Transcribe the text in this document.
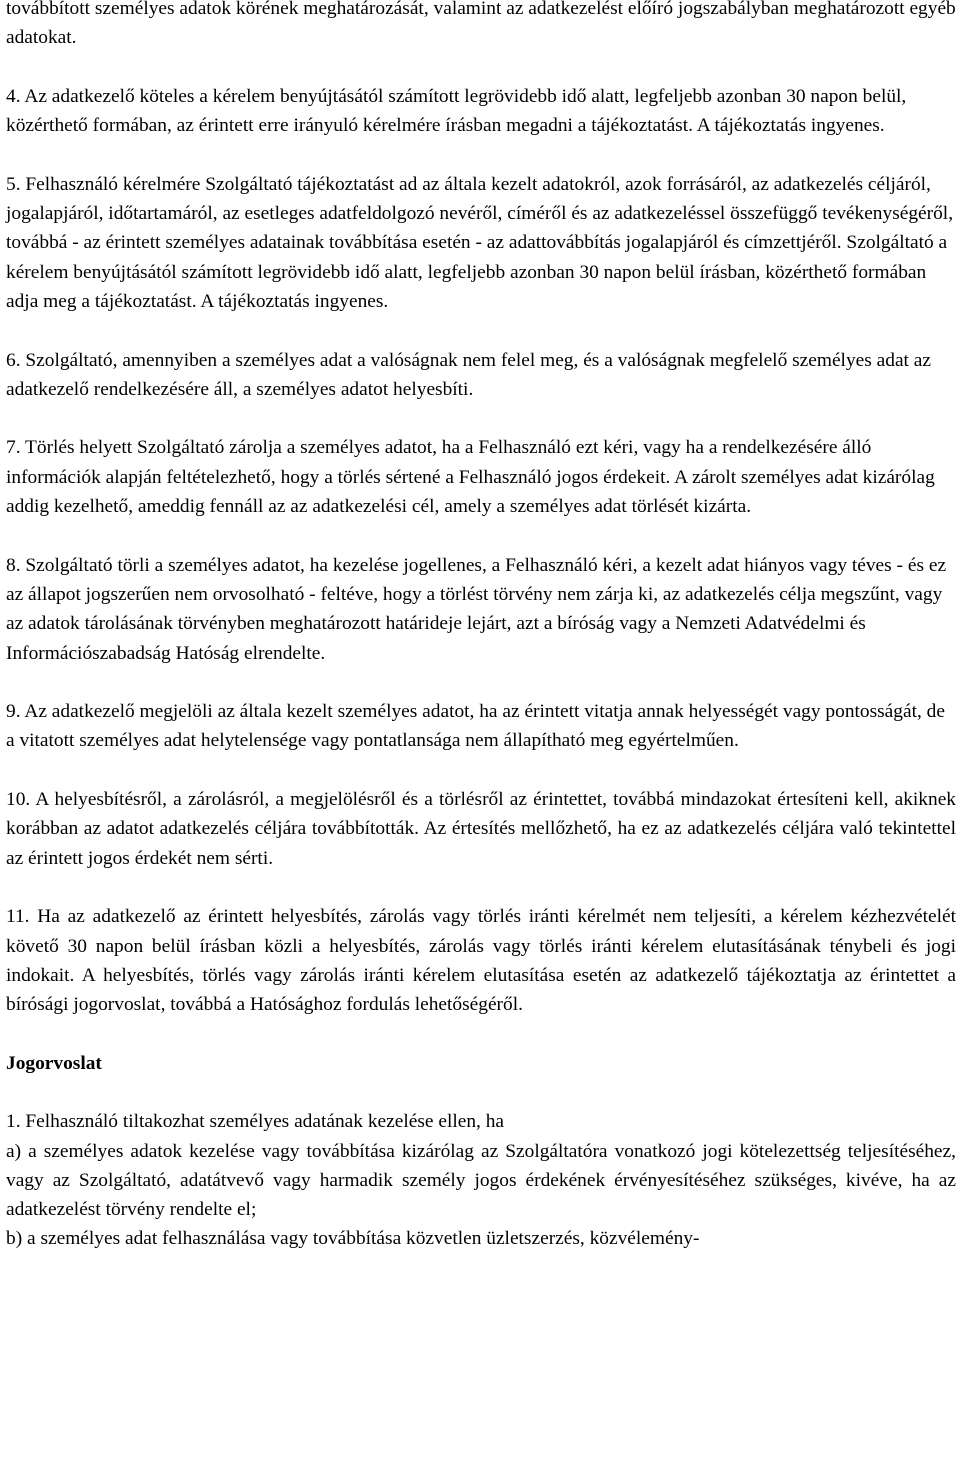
továbbított személyes adatok körének meghatározását, valamint az adatkezelést előíró jogszabályban meghatározott egyéb adatokat.

4. Az adatkezelő köteles a kérelem benyújtásától számított legrövidebb idő alatt, legfeljebb azonban 30 napon belül, közérthető formában, az érintett erre irányuló kérelmére írásban megadni a tájékoztatást. A tájékoztatás ingyenes.

5. Felhasználó kérelmére Szolgáltató tájékoztatást ad az általa kezelt adatokról, azok forrásáról, az adatkezelés céljáról, jogalapjáról, időtartamáról, az esetleges adatfeldolgozó nevéről, címéről és az adatkezeléssel összefüggő tevékenységéről, továbbá - az érintett személyes adatainak továbbítása esetén - az adattovábbítás jogalapjáról és címzettjéről. Szolgáltató a kérelem benyújtásától számított legrövidebb idő alatt, legfeljebb azonban 30 napon belül írásban, közérthető formában adja meg a tájékoztatást. A tájékoztatás ingyenes.

6. Szolgáltató, amennyiben a személyes adat a valóságnak nem felel meg, és a valóságnak megfelelő személyes adat az adatkezelő rendelkezésére áll, a személyes adatot helyesbíti.

7. Törlés helyett Szolgáltató zárolja a személyes adatot, ha a Felhasználó ezt kéri, vagy ha a rendelkezésére álló információk alapján feltételezhető, hogy a törlés sértené a Felhasználó jogos érdekeit. A zárolt személyes adat kizárólag addig kezelhető, ameddig fennáll az az adatkezelési cél, amely a személyes adat törlését kizárta.

8. Szolgáltató törli a személyes adatot, ha kezelése jogellenes, a Felhasználó kéri, a kezelt adat hiányos vagy téves - és ez az állapot jogszerűen nem orvosolható - feltéve, hogy a törlést törvény nem zárja ki, az adatkezelés célja megszűnt, vagy az adatok tárolásának törvényben meghatározott határideje lejárt, azt a bíróság vagy a Nemzeti Adatvédelmi és Információszabadság Hatóság elrendelte.

9. Az adatkezelő megjelöli az általa kezelt személyes adatot, ha az érintett vitatja annak helyességét vagy pontosságát, de a vitatott személyes adat helytelensége vagy pontatlansága nem állapítható meg egyértelműen.

10. A helyesbítésről, a zárolásról, a megjelölésről és a törlésről az érintettet, továbbá mindazokat értesíteni kell, akiknek korábban az adatot adatkezelés céljára továbbították. Az értesítés mellőzhető, ha ez az adatkezelés céljára való tekintettel az érintett jogos érdekét nem sérti.

11. Ha az adatkezelő az érintett helyesbítés, zárolás vagy törlés iránti kérelmét nem teljesíti, a kérelem kézhezvételét követő 30 napon belül írásban közli a helyesbítés, zárolás vagy törlés iránti kérelem elutasításának ténybeli és jogi indokait. A helyesbítés, törlés vagy zárolás iránti kérelem elutasítása esetén az adatkezelő tájékoztatja az érintettet a bírósági jogorvoslat, továbbá a Hatósághoz fordulás lehetőségéről.

Jogorvoslat

1. Felhasználó tiltakozhat személyes adatának kezelése ellen, ha

a) a személyes adatok kezelése vagy továbbítása kizárólag az Szolgáltatóra vonatkozó jogi kötelezettség teljesítéséhez, vagy az Szolgáltató, adatátvevő vagy harmadik személy jogos érdekének érvényesítéséhez szükséges, kivéve, ha az adatkezelést törvény rendelte el;

b) a személyes adat felhasználása vagy továbbítása közvetlen üzletszerzés, közvélemény-
